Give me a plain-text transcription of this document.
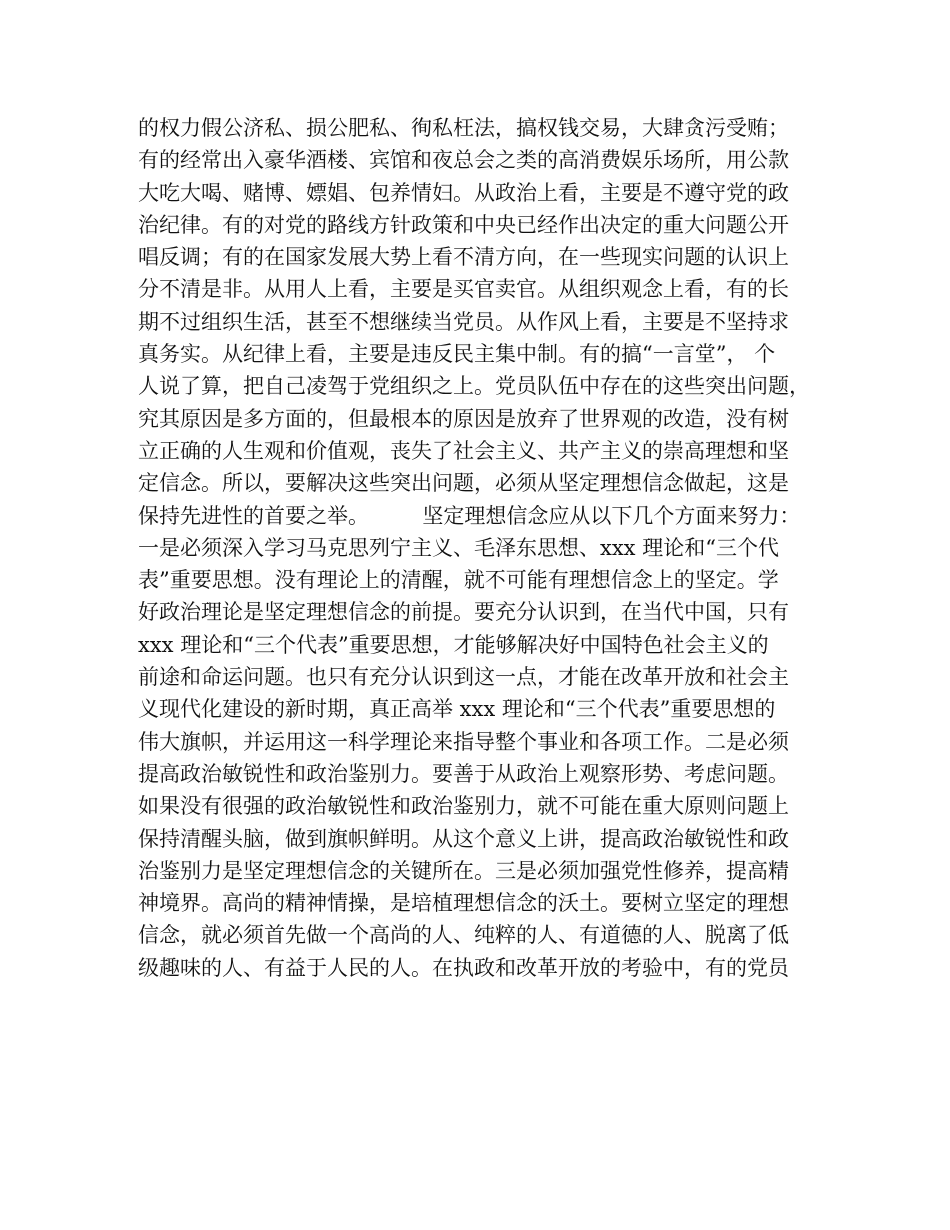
的权力假公济私、损公肥私、徇私枉法，搞权钱交易，大肆贪污受贿；
有的经常出入豪华酒楼、宾馆和夜总会之类的高消费娱乐场所，用公款
大吃大喝、赌博、嫖娼、包养情妇。从政治上看，主要是不遵守党的政
治纪律。有的对党的路线方针政策和中央已经作出决定的重大问题公开
唱反调；有的在国家发展大势上看不清方向，在一些现实问题的认识上
分不清是非。从用人上看，主要是买官卖官。从组织观念上看，有的长
期不过组织生活，甚至不想继续当党员。从作风上看，主要是不坚持求
真务实。从纪律上看，主要是违反民主集中制。有的搞“一言堂”， 个
人说了算，把自己凌驾于党组织之上。党员队伍中存在的这些突出问题，
究其原因是多方面的，但最根本的原因是放弃了世界观的改造，没有树
立正确的人生观和价值观，丧失了社会主义、共产主义的崇高理想和坚
定信念。所以，要解决这些突出问题，必须从坚定理想信念做起，这是
保持先进性的首要之举。        坚定理想信念应从以下几个方面来努力：
一是必须深入学习马克思列宁主义、毛泽东思想、xxx 理论和“三个代
表”重要思想。没有理论上的清醒，就不可能有理想信念上的坚定。学
好政治理论是坚定理想信念的前提。要充分认识到，在当代中国，只有
xxx 理论和“三个代表”重要思想，才能够解决好中国特色社会主义的
前途和命运问题。也只有充分认识到这一点，才能在改革开放和社会主
义现代化建设的新时期，真正高举 xxx 理论和“三个代表”重要思想的
伟大旗帜，并运用这一科学理论来指导整个事业和各项工作。二是必须
提高政治敏锐性和政治鉴别力。要善于从政治上观察形势、考虑问题。
如果没有很强的政治敏锐性和政治鉴别力，就不可能在重大原则问题上
保持清醒头脑，做到旗帜鲜明。从这个意义上讲，提高政治敏锐性和政
治鉴别力是坚定理想信念的关键所在。三是必须加强党性修养，提高精
神境界。高尚的精神情操，是培植理想信念的沃土。要树立坚定的理想
信念，就必须首先做一个高尚的人、纯粹的人、有道德的人、脱离了低
级趣味的人、有益于人民的人。在执政和改革开放的考验中，有的党员
